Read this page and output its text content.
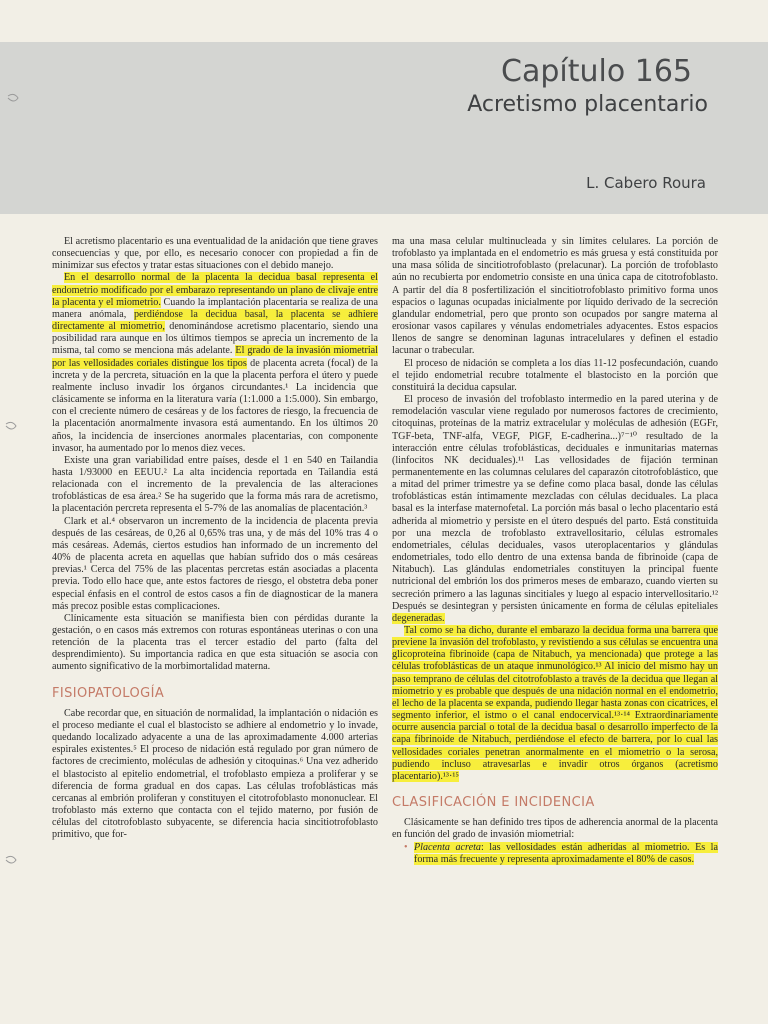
Capítulo 165
Acretismo placentario
L. Cabero Roura

El acretismo placentario es una eventualidad de la anidación que tiene graves consecuencias y que, por ello, es necesario conocer con propiedad a fin de minimizar sus efectos y tratar estas situaciones con el debido manejo.

En el desarrollo normal de la placenta la decidua basal representa el endometrio modificado por el embarazo representando un plano de clivaje entre la placenta y el miometrio. Cuando la implantación placentaria se realiza de una manera anómala, perdiéndose la decidua basal, la placenta se adhiere directamente al miometrio, denominándose acretismo placentario, siendo una posibilidad rara aunque en los últimos tiempos se aprecia un incremento de la misma, tal como se menciona más adelante. El grado de la invasión miometrial por las vellosidades coriales distingue los tipos de placenta acreta (focal) de la increta y de la percreta, situación en la que la placenta perfora el útero y puede realmente incluso invadir los órganos circundantes.¹ La incidencia que clásicamente se informa en la literatura varía (1:1.000 a 1:5.000). Sin embargo, con el creciente número de cesáreas y de los factores de riesgo, la frecuencia de la placentación anormalmente invasora está aumentando. En los últimos 20 años, la incidencia de inserciones anormales placentarias, con componente invasor, ha aumentado por lo menos diez veces.

Existe una gran variabilidad entre países, desde el 1 en 540 en Tailandia hasta 1/93000 en EEUU.² La alta incidencia reportada en Tailandia está relacionada con el incremento de la prevalencia de las alteraciones trofoblásticas de esa área.² Se ha sugerido que la forma más rara de acretismo, la placentación percreta representa el 5-7% de las anomalías de placentación.³

Clark et al.⁴ observaron un incremento de la incidencia de placenta previa después de las cesáreas, de 0,26 al 0,65% tras una, y de más del 10% tras 4 o más cesáreas. Además, ciertos estudios han informado de un incremento del 40% de placenta acreta en aquellas que habían sufrido dos o más cesáreas previas.¹ Cerca del 75% de las placentas percretas están asociadas a placenta previa. Todo ello hace que, ante estos factores de riesgo, el obstetra deba poner especial énfasis en el control de estos casos a fin de diagnosticar de la manera más precoz posible estas complicaciones.

Clínicamente esta situación se manifiesta bien con pérdidas durante la gestación, o en casos más extremos con roturas espontáneas uterinas o con una retención de la placenta tras el tercer estadio del parto (falta del desprendimiento). Su importancia radica en que esta situación se asocia con aumento significativo de la morbimortalidad materna.

FISIOPATOLOGÍA

Cabe recordar que, en situación de normalidad, la implantación o nidación es el proceso mediante el cual el blastocisto se adhiere al endometrio y lo invade, quedando localizado adyacente a una de las aproximadamente 4.000 arterias espirales existentes.⁵ El proceso de nidación está regulado por gran número de factores de crecimiento, moléculas de adhesión y citoquinas.⁶ Una vez adherido el blastocisto al epitelio endometrial, el trofoblasto empieza a proliferar y se diferencia de forma gradual en dos capas. Las células trofoblásticas más cercanas al embrión proliferan y constituyen el citotrofoblasto mononuclear. El trofoblasto más externo que contacta con el tejido materno, por fusión de células del citotrofoblasto subyacente, se diferencia hacia sincitiotrofoblasto primitivo, que for-

ma una masa celular multinucleada y sin límites celulares. La porción de trofoblasto ya implantada en el endometrio es más gruesa y está constituida por una masa sólida de sincitiotrofoblasto (prelacunar). La porción de trofoblasto aún no recubierta por endometrio consiste en una única capa de citotrofoblasto. A partir del día 8 posfertilización el sincitiotrofoblasto primitivo forma unos espacios o lagunas ocupadas inicialmente por líquido derivado de la secreción glandular endometrial, pero que pronto son ocupados por sangre materna al erosionar vasos capilares y vénulas endometriales adyacentes. Estos espacios llenos de sangre se denominan lagunas intracelulares y definen el estadio lacunar o trabecular.

El proceso de nidación se completa a los días 11-12 posfecundación, cuando el tejido endometrial recubre totalmente el blastocisto en la porción que constituirá la decidua capsular.

El proceso de invasión del trofoblasto intermedio en la pared uterina y de remodelación vascular viene regulado por numerosos factores de crecimiento, citoquinas, proteínas de la matriz extracelular y moléculas de adhesión (EGFr, TGF-beta, TNF-alfa, VEGF, PlGF, E-cadherina...)⁷⁻¹⁰ resultado de la interacción entre células trofoblásticas, deciduales e inmunitarias maternas (linfocitos NK deciduales).¹¹ Las vellosidades de fijación terminan permanentemente en las columnas celulares del caparazón citotrofoblástico, que a mitad del primer trimestre ya se define como placa basal, donde las células trofoblásticas están íntimamente mezcladas con células deciduales. La placa basal es la interfase maternofetal. La porción más basal o lecho placentario está adherida al miometrio y persiste en el útero después del parto. Está constituida por una mezcla de trofoblasto extravellositario, células estromales endometriales, células deciduales, vasos uteroplacentarios y glándulas endometriales, todo ello dentro de una extensa banda de fibrinoide (capa de Nitabuch). Las glándulas endometriales constituyen la principal fuente nutricional del embrión los dos primeros meses de embarazo, cuando vierten su secreción primero a las lagunas sincitiales y luego al espacio intervellositario.¹² Después se desintegran y persisten únicamente en forma de células epiteliales degeneradas.

Tal como se ha dicho, durante el embarazo la decidua forma una barrera que previene la invasión del trofoblasto, y revistiendo a sus células se encuentra una glicoproteína fibrinoide (capa de Nitabuch, ya mencionada) que protege a las células trofoblásticas de un ataque inmunológico.¹³ Al inicio del mismo hay un paso temprano de células del citotrofoblasto a través de la decidua que llegan al miometrio y es probable que después de una nidación normal en el endometrio, el lecho de la placenta se expanda, pudiendo llegar hasta zonas con cicatrices, el segmento inferior, el istmo o el canal endocervical.¹³·¹⁴ Extraordinariamente ocurre ausencia parcial o total de la decidua basal o desarrollo imperfecto de la capa fibrinoide de Nitabuch, perdiéndose el efecto de barrera, por lo cual las vellosidades coriales penetran anormalmente en el miometrio o la serosa, pudiendo incluso atravesarlas e invadir otros órganos (acretismo placentario).¹³·¹⁵

CLASIFICACIÓN E INCIDENCIA

Clásicamente se han definido tres tipos de adherencia anormal de la placenta en función del grado de invasión miometrial:

• Placenta acreta: las vellosidades están adheridas al miometrio. Es la forma más frecuente y representa aproximadamente el 80% de casos.
